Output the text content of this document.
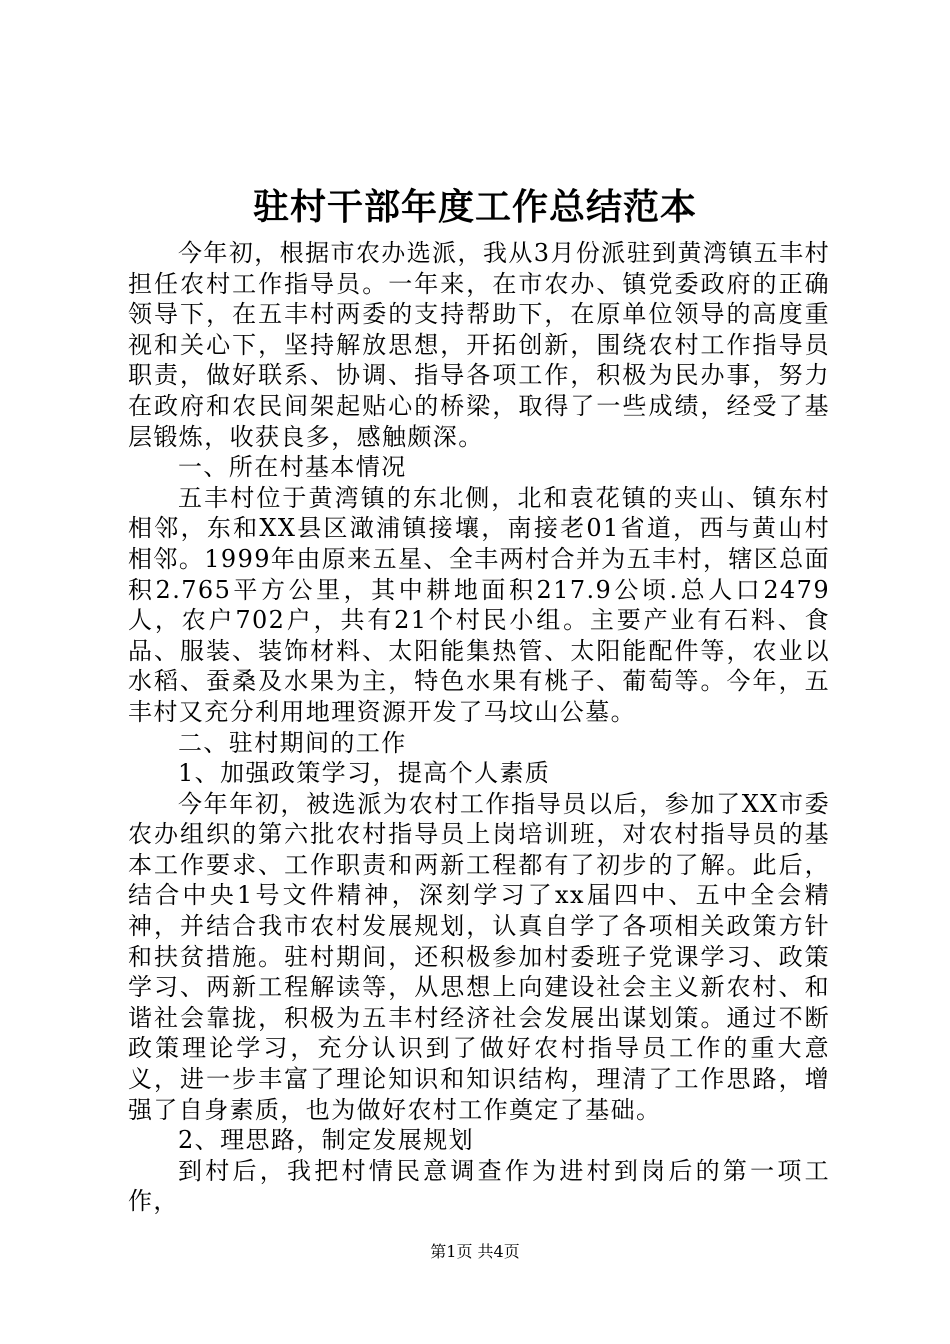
驻村干部年度工作总结范本

今年初，根据市农办选派，我从3月份派驻到黄湾镇五丰村担任农村工作指导员。一年来，在市农办、镇党委政府的正确领导下，在五丰村两委的支持帮助下，在原单位领导的高度重视和关心下，坚持解放思想，开拓创新，围绕农村工作指导员职责，做好联系、协调、指导各项工作，积极为民办事，努力在政府和农民间架起贴心的桥梁，取得了一些成绩，经受了基层锻炼，收获良多，感触颇深。

一、所在村基本情况

五丰村位于黄湾镇的东北侧，北和袁花镇的夹山、镇东村相邻，东和XX县区澉浦镇接壤，南接老01省道，西与黄山村相邻。1999年由原来五星、全丰两村合并为五丰村，辖区总面积2.765平方公里，其中耕地面积217.9公顷.总人口2479人，农户702户，共有21个村民小组。主要产业有石料、食品、服装、装饰材料、太阳能集热管、太阳能配件等，农业以水稻、蚕桑及水果为主，特色水果有桃子、葡萄等。今年，五丰村又充分利用地理资源开发了马坟山公墓。

二、驻村期间的工作

1、加强政策学习，提高个人素质

今年年初，被选派为农村工作指导员以后，参加了XX市委农办组织的第六批农村指导员上岗培训班，对农村指导员的基本工作要求、工作职责和两新工程都有了初步的了解。此后，结合中央1号文件精神，深刻学习了xx届四中、五中全会精神，并结合我市农村发展规划，认真自学了各项相关政策方针和扶贫措施。驻村期间，还积极参加村委班子党课学习、政策学习、两新工程解读等，从思想上向建设社会主义新农村、和谐社会靠拢，积极为五丰村经济社会发展出谋划策。通过不断政策理论学习，充分认识到了做好农村指导员工作的重大意义，进一步丰富了理论知识和知识结构，理清了工作思路，增强了自身素质，也为做好农村工作奠定了基础。

2、理思路，制定发展规划

到村后，我把村情民意调查作为进村到岗后的第一项工作，

第1页 共4页
